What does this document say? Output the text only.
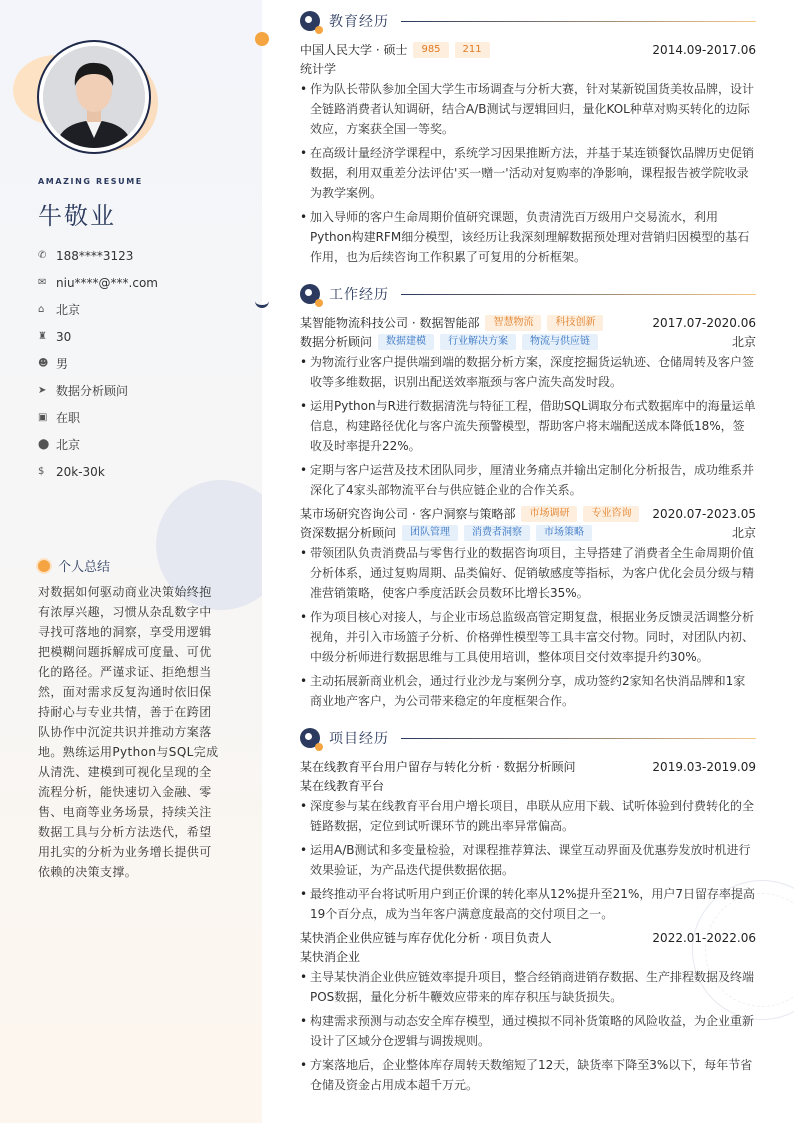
AMAZING RESUME
牛敬业
✆ 188****3123
✉ niu****@***.com
⌂ 北京
♜ 30
☻ 男
➤ 数据分析顾问
▣ 在职
⬤ 北京
$ 20k-30k
个人总结
对数据如何驱动商业决策始终抱有浓厚兴趣，习惯从杂乱数字中寻找可落地的洞察，享受用逻辑把模糊问题拆解成可度量、可优化的路径。严谨求证、拒绝想当然，面对需求反复沟通时依旧保持耐心与专业共情，善于在跨团队协作中沉淀共识并推动方案落地。熟练运用Python与SQL完成从清洗、建模到可视化呈现的全流程分析，能快速切入金融、零售、电商等业务场景，持续关注数据工具与分析方法迭代，希望用扎实的分析为业务增长提供可依赖的决策支撑。
教育经历
中国人民大学 · 硕士	985	211	2014.09-2017.06
统计学
• 作为队长带队参加全国大学生市场调查与分析大赛，针对某新锐国货美妆品牌，设计全链路消费者认知调研，结合A/B测试与逻辑回归，量化KOL种草对购买转化的边际效应，方案获全国一等奖。
• 在高级计量经济学课程中，系统学习因果推断方法，并基于某连锁餐饮品牌历史促销数据，利用双重差分法评估'买一赠一'活动对复购率的净影响，课程报告被学院收录为教学案例。
• 加入导师的客户生命周期价值研究课题，负责清洗百万级用户交易流水，利用Python构建RFM细分模型，该经历让我深刻理解数据预处理对营销归因模型的基石作用，也为后续咨询工作积累了可复用的分析框架。
工作经历
某智能物流科技公司 · 数据智能部	智慧物流	科技创新	2017.07-2020.06
数据分析顾问	数据建模	行业解决方案	物流与供应链	北京
• 为物流行业客户提供端到端的数据分析方案，深度挖掘货运轨迹、仓储周转及客户签收等多维数据，识别出配送效率瓶颈与客户流失高发时段。
• 运用Python与R进行数据清洗与特征工程，借助SQL调取分布式数据库中的海量运单信息，构建路径优化与客户流失预警模型，帮助客户将末端配送成本降低18%，签收及时率提升22%。
• 定期与客户运营及技术团队同步，厘清业务痛点并输出定制化分析报告，成功维系并深化了4家头部物流平台与供应链企业的合作关系。
某市场研究咨询公司 · 客户洞察与策略部	市场调研	专业咨询	2020.07-2023.05
资深数据分析顾问	团队管理	消费者洞察	市场策略	北京
• 带领团队负责消费品与零售行业的数据咨询项目，主导搭建了消费者全生命周期价值分析体系，通过复购周期、品类偏好、促销敏感度等指标，为客户优化会员分级与精准营销策略，使客户季度活跃会员数环比增长35%。
• 作为项目核心对接人，与企业市场总监级高管定期复盘，根据业务反馈灵活调整分析视角，并引入市场篮子分析、价格弹性模型等工具丰富交付物。同时，对团队内初、中级分析师进行数据思维与工具使用培训，整体项目交付效率提升约30%。
• 主动拓展新商业机会，通过行业沙龙与案例分享，成功签约2家知名快消品牌和1家商业地产客户，为公司带来稳定的年度框架合作。
项目经历
某在线教育平台用户留存与转化分析 · 数据分析顾问	2019.03-2019.09
某在线教育平台
• 深度参与某在线教育平台用户增长项目，串联从应用下载、试听体验到付费转化的全链路数据，定位到试听课环节的跳出率异常偏高。
• 运用A/B测试和多变量检验，对课程推荐算法、课堂互动界面及优惠券发放时机进行效果验证，为产品迭代提供数据依据。
• 最终推动平台将试听用户到正价课的转化率从12%提升至21%，用户7日留存率提高19个百分点，成为当年客户满意度最高的交付项目之一。
某快消企业供应链与库存优化分析 · 项目负责人	2022.01-2022.06
某快消企业
• 主导某快消企业供应链效率提升项目，整合经销商进销存数据、生产排程数据及终端POS数据，量化分析牛鞭效应带来的库存积压与缺货损失。
• 构建需求预测与动态安全库存模型，通过模拟不同补货策略的风险收益，为企业重新设计了区域分仓逻辑与调拨规则。
• 方案落地后，企业整体库存周转天数缩短了12天，缺货率下降至3%以下，每年节省仓储及资金占用成本超千万元。
